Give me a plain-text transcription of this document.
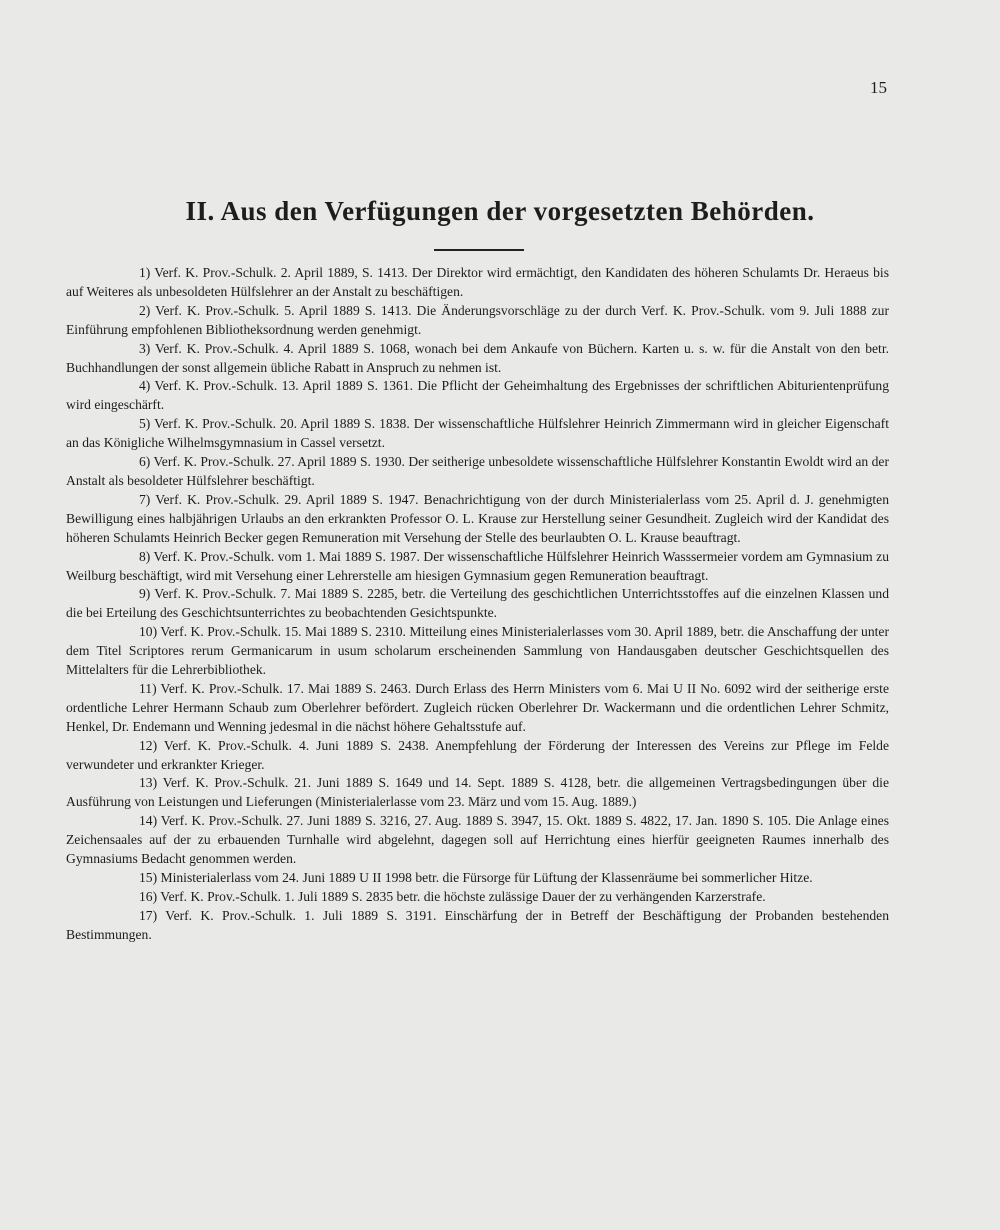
15
II. Aus den Verfügungen der vorgesetzten Behörden.

1) Verf. K. Prov.-Schulk. 2. April 1889, S. 1413. Der Direktor wird ermächtigt, den Kandidaten des höheren Schulamts Dr. Heraeus bis auf Weiteres als unbesoldeten Hülfslehrer an der Anstalt zu beschäftigen.

2) Verf. K. Prov.-Schulk. 5. April 1889 S. 1413. Die Änderungsvorschläge zu der durch Verf. K. Prov.-Schulk. vom 9. Juli 1888 zur Einführung empfohlenen Bibliotheksordnung werden genehmigt.

3) Verf. K. Prov.-Schulk. 4. April 1889 S. 1068, wonach bei dem Ankaufe von Büchern. Karten u. s. w. für die Anstalt von den betr. Buchhandlungen der sonst allgemein übliche Rabatt in Anspruch zu nehmen ist.

4) Verf. K. Prov.-Schulk. 13. April 1889 S. 1361. Die Pflicht der Geheimhaltung des Ergebnisses der schriftlichen Abiturientenprüfung wird eingeschärft.

5) Verf. K. Prov.-Schulk. 20. April 1889 S. 1838. Der wissenschaftliche Hülfslehrer Heinrich Zimmermann wird in gleicher Eigenschaft an das Königliche Wilhelmsgymnasium in Cassel versetzt.

6) Verf. K. Prov.-Schulk. 27. April 1889 S. 1930. Der seitherige unbesoldete wissenschaftliche Hülfslehrer Konstantin Ewoldt wird an der Anstalt als besoldeter Hülfslehrer beschäftigt.

7) Verf. K. Prov.-Schulk. 29. April 1889 S. 1947. Benachrichtigung von der durch Ministerialerlass vom 25. April d. J. genehmigten Bewilligung eines halbjährigen Urlaubs an den erkrankten Professor O. L. Krause zur Herstellung seiner Gesundheit. Zugleich wird der Kandidat des höheren Schulamts Heinrich Becker gegen Remuneration mit Versehung der Stelle des beurlaubten O. L. Krause beauftragt.

8) Verf. K. Prov.-Schulk. vom 1. Mai 1889 S. 1987. Der wissenschaftliche Hülfslehrer Heinrich Wasssermeier vordem am Gymnasium zu Weilburg beschäftigt, wird mit Versehung einer Lehrerstelle am hiesigen Gymnasium gegen Remuneration beauftragt.

9) Verf. K. Prov.-Schulk. 7. Mai 1889 S. 2285, betr. die Verteilung des geschichtlichen Unterrichtsstoffes auf die einzelnen Klassen und die bei Erteilung des Geschichtsunterrichtes zu beobachtenden Gesichtspunkte.

10) Verf. K. Prov.-Schulk. 15. Mai 1889 S. 2310. Mitteilung eines Ministerialerlasses vom 30. April 1889, betr. die Anschaffung der unter dem Titel Scriptores rerum Germanicarum in usum scholarum erscheinenden Sammlung von Handausgaben deutscher Geschichtsquellen des Mittelalters für die Lehrerbibliothek.

11) Verf. K. Prov.-Schulk. 17. Mai 1889 S. 2463. Durch Erlass des Herrn Ministers vom 6. Mai U II No. 6092 wird der seitherige erste ordentliche Lehrer Hermann Schaub zum Oberlehrer befördert. Zugleich rücken Oberlehrer Dr. Wackermann und die ordentlichen Lehrer Schmitz, Henkel, Dr. Endemann und Wenning jedesmal in die nächst höhere Gehaltsstufe auf.

12) Verf. K. Prov.-Schulk. 4. Juni 1889 S. 2438. Anempfehlung der Förderung der Interessen des Vereins zur Pflege im Felde verwundeter und erkrankter Krieger.

13) Verf. K. Prov.-Schulk. 21. Juni 1889 S. 1649 und 14. Sept. 1889 S. 4128, betr. die allgemeinen Vertragsbedingungen über die Ausführung von Leistungen und Lieferungen (Ministerialerlasse vom 23. März und vom 15. Aug. 1889.)

14) Verf. K. Prov.-Schulk. 27. Juni 1889 S. 3216, 27. Aug. 1889 S. 3947, 15. Okt. 1889 S. 4822, 17. Jan. 1890 S. 105. Die Anlage eines Zeichensaales auf der zu erbauenden Turnhalle wird abgelehnt, dagegen soll auf Herrichtung eines hierfür geeigneten Raumes innerhalb des Gymnasiums Bedacht genommen werden.

15) Ministerialerlass vom 24. Juni 1889 U II 1998 betr. die Fürsorge für Lüftung der Klassenräume bei sommerlicher Hitze.

16) Verf. K. Prov.-Schulk. 1. Juli 1889 S. 2835 betr. die höchste zulässige Dauer der zu verhängenden Karzerstrafe.

17) Verf. K. Prov.-Schulk. 1. Juli 1889 S. 3191. Einschärfung der in Betreff der Beschäftigung der Probanden bestehenden Bestimmungen.
